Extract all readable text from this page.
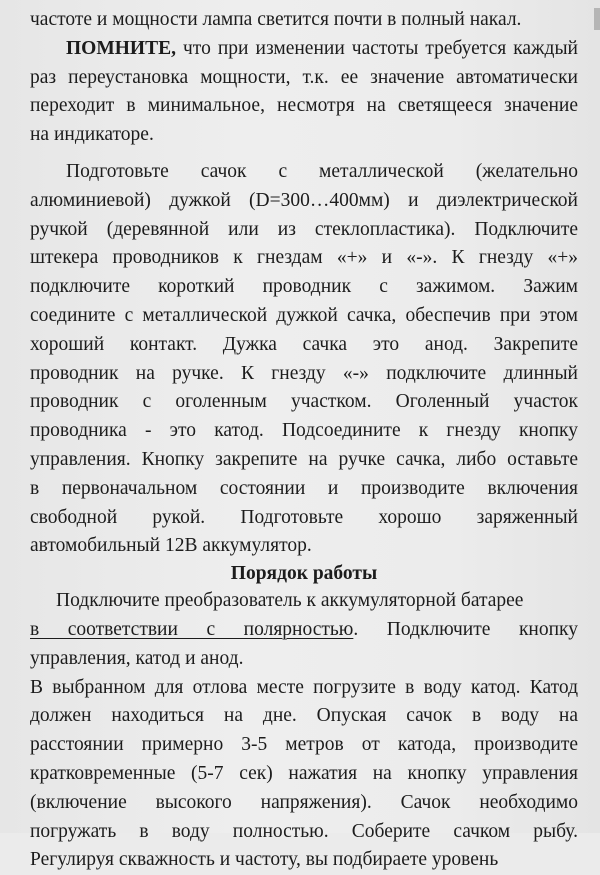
частоте и мощности лампа светится почти в полный накал.
ПОМНИТЕ, что при изменении частоты требуется каждый
раз переустановка мощности, т.к. ее значение автоматически
переходит в минимальное, несмотря на светящееся значение
на индикаторе.
Подготовьте сачок с металлической (желательно
алюминиевой) дужкой (D=300…400мм) и диэлектрической
ручкой (деревянной или из стеклопластика). Подключите
штекера проводников к гнездам «+» и «-». К гнезду «+»
подключите короткий проводник с зажимом. Зажим
соедините с металлической дужкой сачка, обеспечив при этом
хороший контакт. Дужка сачка это анод. Закрепите
проводник на ручке. К гнезду «-» подключите длинный
проводник с оголенным участком. Оголенный участок
проводника - это катод. Подсоедините к гнезду кнопку
управления. Кнопку закрепите на ручке сачка, либо оставьте
в первоначальном состоянии и производите включения
свободной рукой. Подготовьте хорошо заряженный
автомобильный 12В аккумулятор.
Порядок работы
Подключите преобразователь к аккумуляторной батарее
в соответствии с полярностью. Подключите кнопку
управления, катод и анод.
В выбранном для отлова месте погрузите в воду катод. Катод
должен находиться на дне. Опуская сачок в воду на
расстоянии примерно 3-5 метров от катода, производите
кратковременные (5-7 сек) нажатия на кнопку управления
(включение высокого напряжения). Сачок необходимо
погружать в воду полностью. Соберите сачком рыбу.
Регулируя скважность и частоту, вы подбираете уровень
